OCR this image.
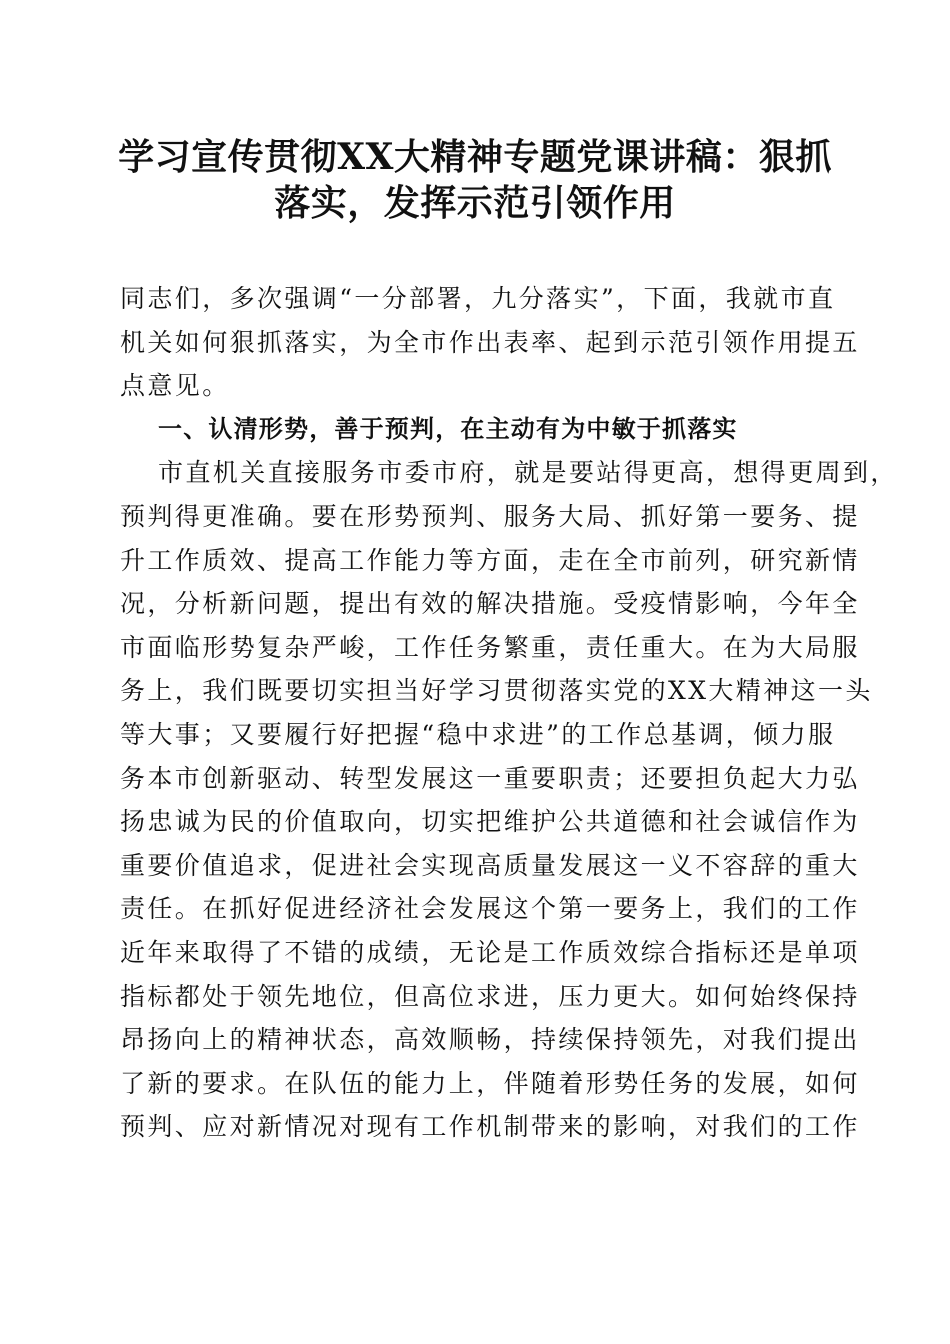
学习宣传贯彻XX大精神专题党课讲稿：狠抓
落实，发挥示范引领作用
同志们，多次强调“一分部署，九分落实”，下面，我就市直
机关如何狠抓落实，为全市作出表率、起到示范引领作用提五
点意见。
一、认清形势，善于预判，在主动有为中敏于抓落实
市直机关直接服务市委市府，就是要站得更高，想得更周到，
预判得更准确。要在形势预判、服务大局、抓好第一要务、提
升工作质效、提高工作能力等方面，走在全市前列，研究新情
况，分析新问题，提出有效的解决措施。受疫情影响，今年全
市面临形势复杂严峻，工作任务繁重，责任重大。在为大局服
务上，我们既要切实担当好学习贯彻落实党的XX大精神这一头
等大事；又要履行好把握“稳中求进”的工作总基调，倾力服
务本市创新驱动、转型发展这一重要职责；还要担负起大力弘
扬忠诚为民的价值取向，切实把维护公共道德和社会诚信作为
重要价值追求，促进社会实现高质量发展这一义不容辞的重大
责任。在抓好促进经济社会发展这个第一要务上，我们的工作
近年来取得了不错的成绩，无论是工作质效综合指标还是单项
指标都处于领先地位，但高位求进，压力更大。如何始终保持
昂扬向上的精神状态，高效顺畅，持续保持领先，对我们提出
了新的要求。在队伍的能力上，伴随着形势任务的发展，如何
预判、应对新情况对现有工作机制带来的影响，对我们的工作
